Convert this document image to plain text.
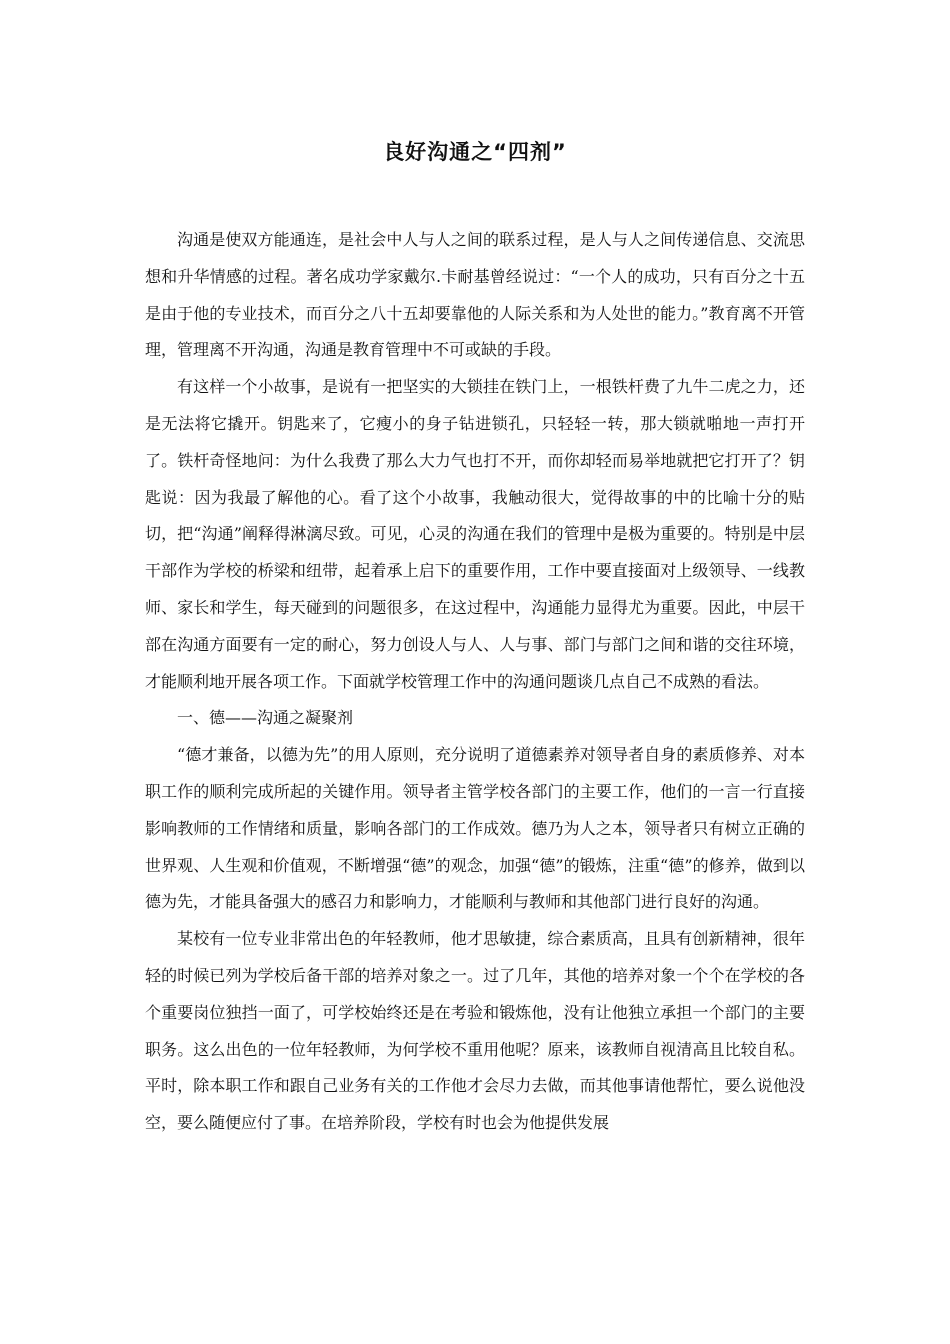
良好沟通之“四剂”

沟通是使双方能通连，是社会中人与人之间的联系过程，是人与人之间传递信息、交流思想和升华情感的过程。著名成功学家戴尔.卡耐基曾经说过：“一个人的成功，只有百分之十五是由于他的专业技术，而百分之八十五却要靠他的人际关系和为人处世的能力。”教育离不开管理，管理离不开沟通，沟通是教育管理中不可或缺的手段。

有这样一个小故事，是说有一把坚实的大锁挂在铁门上，一根铁杆费了九牛二虎之力，还是无法将它撬开。钥匙来了，它瘦小的身子钻进锁孔，只轻轻一转，那大锁就啪地一声打开了。铁杆奇怪地问：为什么我费了那么大力气也打不开，而你却轻而易举地就把它打开了？钥匙说：因为我最了解他的心。看了这个小故事，我触动很大，觉得故事的中的比喻十分的贴切，把“沟通”阐释得淋漓尽致。可见，心灵的沟通在我们的管理中是极为重要的。特别是中层干部作为学校的桥梁和纽带，起着承上启下的重要作用，工作中要直接面对上级领导、一线教师、家长和学生，每天碰到的问题很多，在这过程中，沟通能力显得尤为重要。因此，中层干部在沟通方面要有一定的耐心，努力创设人与人、人与事、部门与部门之间和谐的交往环境，才能顺利地开展各项工作。下面就学校管理工作中的沟通问题谈几点自己不成熟的看法。

一、德——沟通之凝聚剂

“德才兼备，以德为先”的用人原则，充分说明了道德素养对领导者自身的素质修养、对本职工作的顺利完成所起的关键作用。领导者主管学校各部门的主要工作，他们的一言一行直接影响教师的工作情绪和质量，影响各部门的工作成效。德乃为人之本，领导者只有树立正确的世界观、人生观和价值观，不断增强“德”的观念，加强“德”的锻炼，注重“德”的修养，做到以德为先，才能具备强大的感召力和影响力，才能顺利与教师和其他部门进行良好的沟通。

某校有一位专业非常出色的年轻教师，他才思敏捷，综合素质高，且具有创新精神，很年轻的时候已列为学校后备干部的培养对象之一。过了几年，其他的培养对象一个个在学校的各个重要岗位独挡一面了，可学校始终还是在考验和锻炼他，没有让他独立承担一个部门的主要职务。这么出色的一位年轻教师，为何学校不重用他呢？原来，该教师自视清高且比较自私。平时，除本职工作和跟自己业务有关的工作他才会尽力去做，而其他事请他帮忙，要么说他没空，要么随便应付了事。在培养阶段，学校有时也会为他提供发展
